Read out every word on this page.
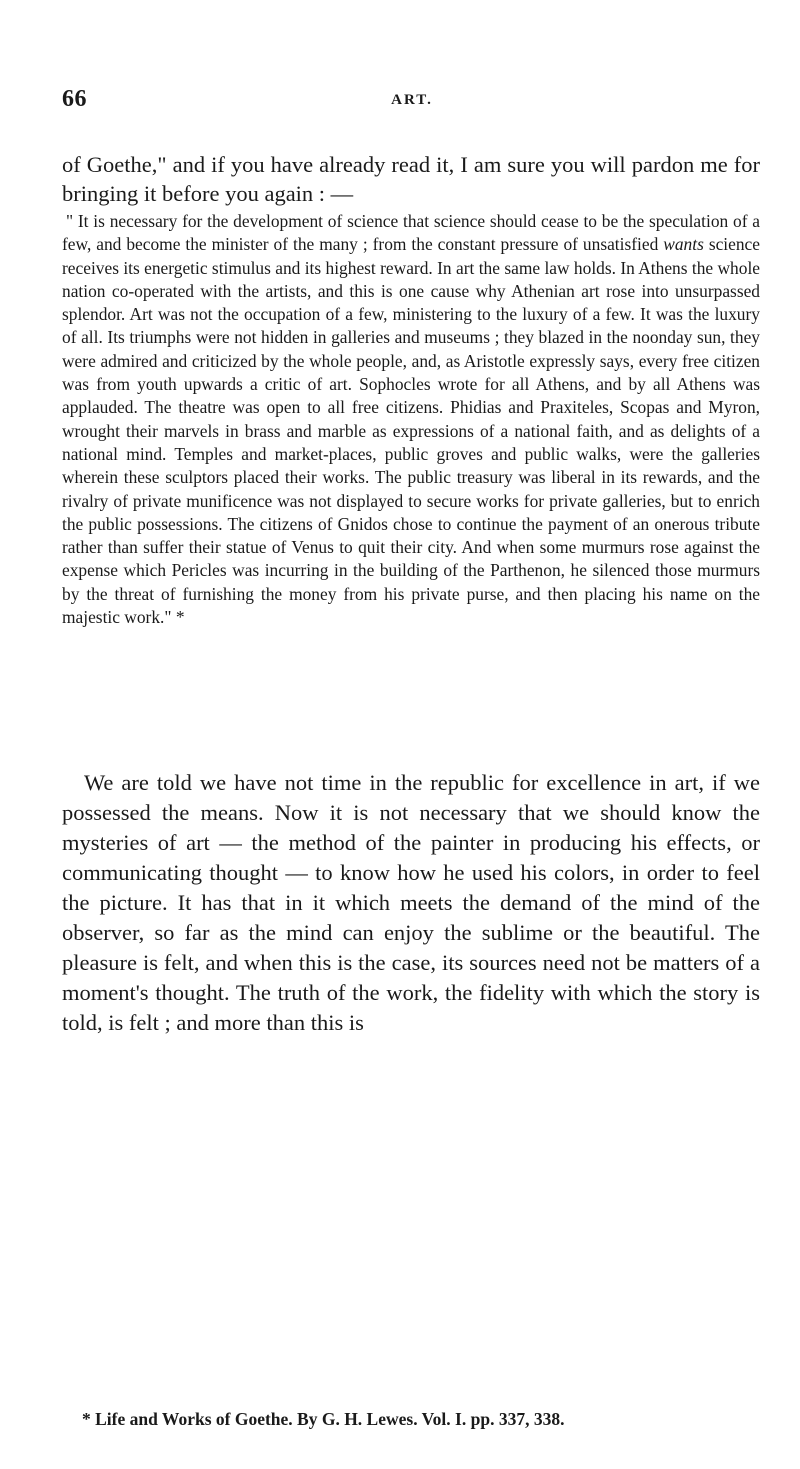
66	ART.

of Goethe," and if you have already read it, I am sure you will pardon me for bringing it before you again : —

" It is necessary for the development of science that science should cease to be the speculation of a few, and become the minister of the many ; from the constant pressure of unsatisfied wants science receives its energetic stimulus and its highest reward. In art the same law holds. In Athens the whole nation co-operated with the artists, and this is one cause why Athenian art rose into unsurpassed splendor. Art was not the occupation of a few, ministering to the luxury of a few. It was the luxury of all. Its triumphs were not hidden in galleries and museums ; they blazed in the noonday sun, they were admired and criticized by the whole people, and, as Aristotle expressly says, every free citizen was from youth upwards a critic of art. Sophocles wrote for all Athens, and by all Athens was applauded. The theatre was open to all free citizens. Phidias and Praxiteles, Scopas and Myron, wrought their marvels in brass and marble as expressions of a national faith, and as delights of a national mind. Temples and market-places, public groves and public walks, were the galleries wherein these sculptors placed their works. The public treasury was liberal in its rewards, and the rivalry of private munificence was not displayed to secure works for private galleries, but to enrich the public possessions. The citizens of Gnidos chose to continue the payment of an onerous tribute rather than suffer their statue of Venus to quit their city. And when some murmurs rose against the expense which Pericles was incurring in the building of the Parthenon, he silenced those murmurs by the threat of furnishing the money from his private purse, and then placing his name on the majestic work." *

We are told we have not time in the republic for excellence in art, if we possessed the means. Now it is not necessary that we should know the mysteries of art — the method of the painter in producing his effects, or communicating thought — to know how he used his colors, in order to feel the picture. It has that in it which meets the demand of the mind of the observer, so far as the mind can enjoy the sublime or the beautiful. The pleasure is felt, and when this is the case, its sources need not be matters of a moment's thought. The truth of the work, the fidelity with which the story is told, is felt ; and more than this is

* Life and Works of Goethe. By G. H. Lewes. Vol. I. pp. 337, 338.
